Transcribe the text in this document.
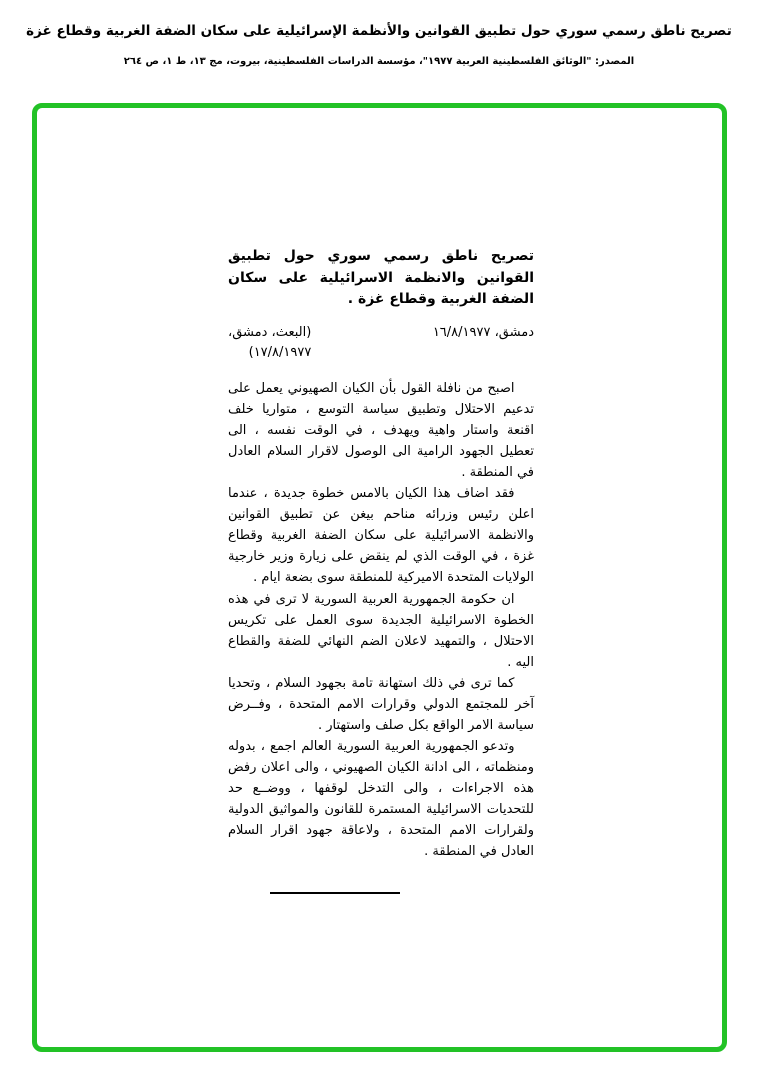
تصريح ناطق رسمي سوري حول تطبيق القوانين والأنظمة الإسرائيلية على سكان الضفة الغربية وقطاع غزة
المصدر: "الوثائق الفلسطينية العربية ١٩٧٧"، مؤسسة الدراسات الفلسطينية، بيروت، مج ١٣، ط ١، ص ٢٦٤
تصريح ناطق رسمي سوري حول تطبيق القوانين والانظمة الاسرائيلية على سكان الضفة الغربية وقطاع غزة .
دمشق، ١٦/٨/١٩٧٧
(البعث، دمشق،
١٧/٨/١٩٧٧)

اصبح من نافلة القول بأن الكيان الصهيوني يعمل على تدعيم الاحتلال وتطبيق سياسة التوسع ، متواريا خلف اقنعة واستار واهية ويهدف ، في الوقت نفسه ، الى تعطيل الجهود الرامية الى الوصول لاقرار السلام العادل في المنطقة .

فقد اضاف هذا الكيان بالامس خطوة جديدة ، عندما اعلن رئيس وزرائه مناحم بيغن عن تطبيق القوانين والانظمة الاسرائيلية على سكان الضفة الغربية وقطاع غزة ، في الوقت الذي لم ينقض على زيارة وزير خارجية الولايات المتحدة الاميركية للمنطقة سوى بضعة ايام .

ان حكومة الجمهورية العربية السورية لا ترى في هذه الخطوة الاسرائيلية الجديدة سوى العمل على تكريس الاحتلال ، والتمهيد لاعلان الضم النهائي للضفة والقطاع اليه .

كما ترى في ذلك استهانة تامة بجهود السلام ، وتحديا آخر للمجتمع الدولي وقرارات الامم المتحدة ، وفــرض سياسة الامر الواقع بكل صلف واستهتار .

وتدعو الجمهورية العربية السورية العالم اجمع ، بدوله ومنظماته ، الى ادانة الكيان الصهيوني ، والى اعلان رفض هذه الاجراءات ، والى التدخل لوقفها ، ووضــع حد للتحديات الاسرائيلية المستمرة للقانون والمواثيق الدولية ولقرارات الامم المتحدة ، ولاعاقة جهود اقرار السلام العادل في المنطقة .
